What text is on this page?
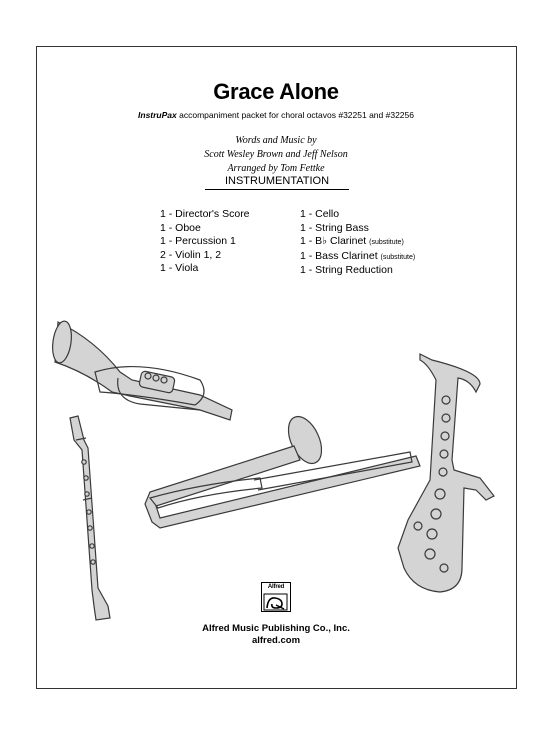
Grace Alone
InstruPax accompaniment packet for choral octavos #32251 and #32256
Words and Music by
Scott Wesley Brown and Jeff Nelson
Arranged by Tom Fettke
INSTRUMENTATION
1 - Director's Score
1 - Oboe
1 - Percussion 1
2 - Violin 1, 2
1 - Viola
1 - Cello
1 - String Bass
1 - B♭ Clarinet (substitute)
1 - Bass Clarinet (substitute)
1 - String Reduction
Alfred
Alfred Music Publishing Co., Inc.
alfred.com
